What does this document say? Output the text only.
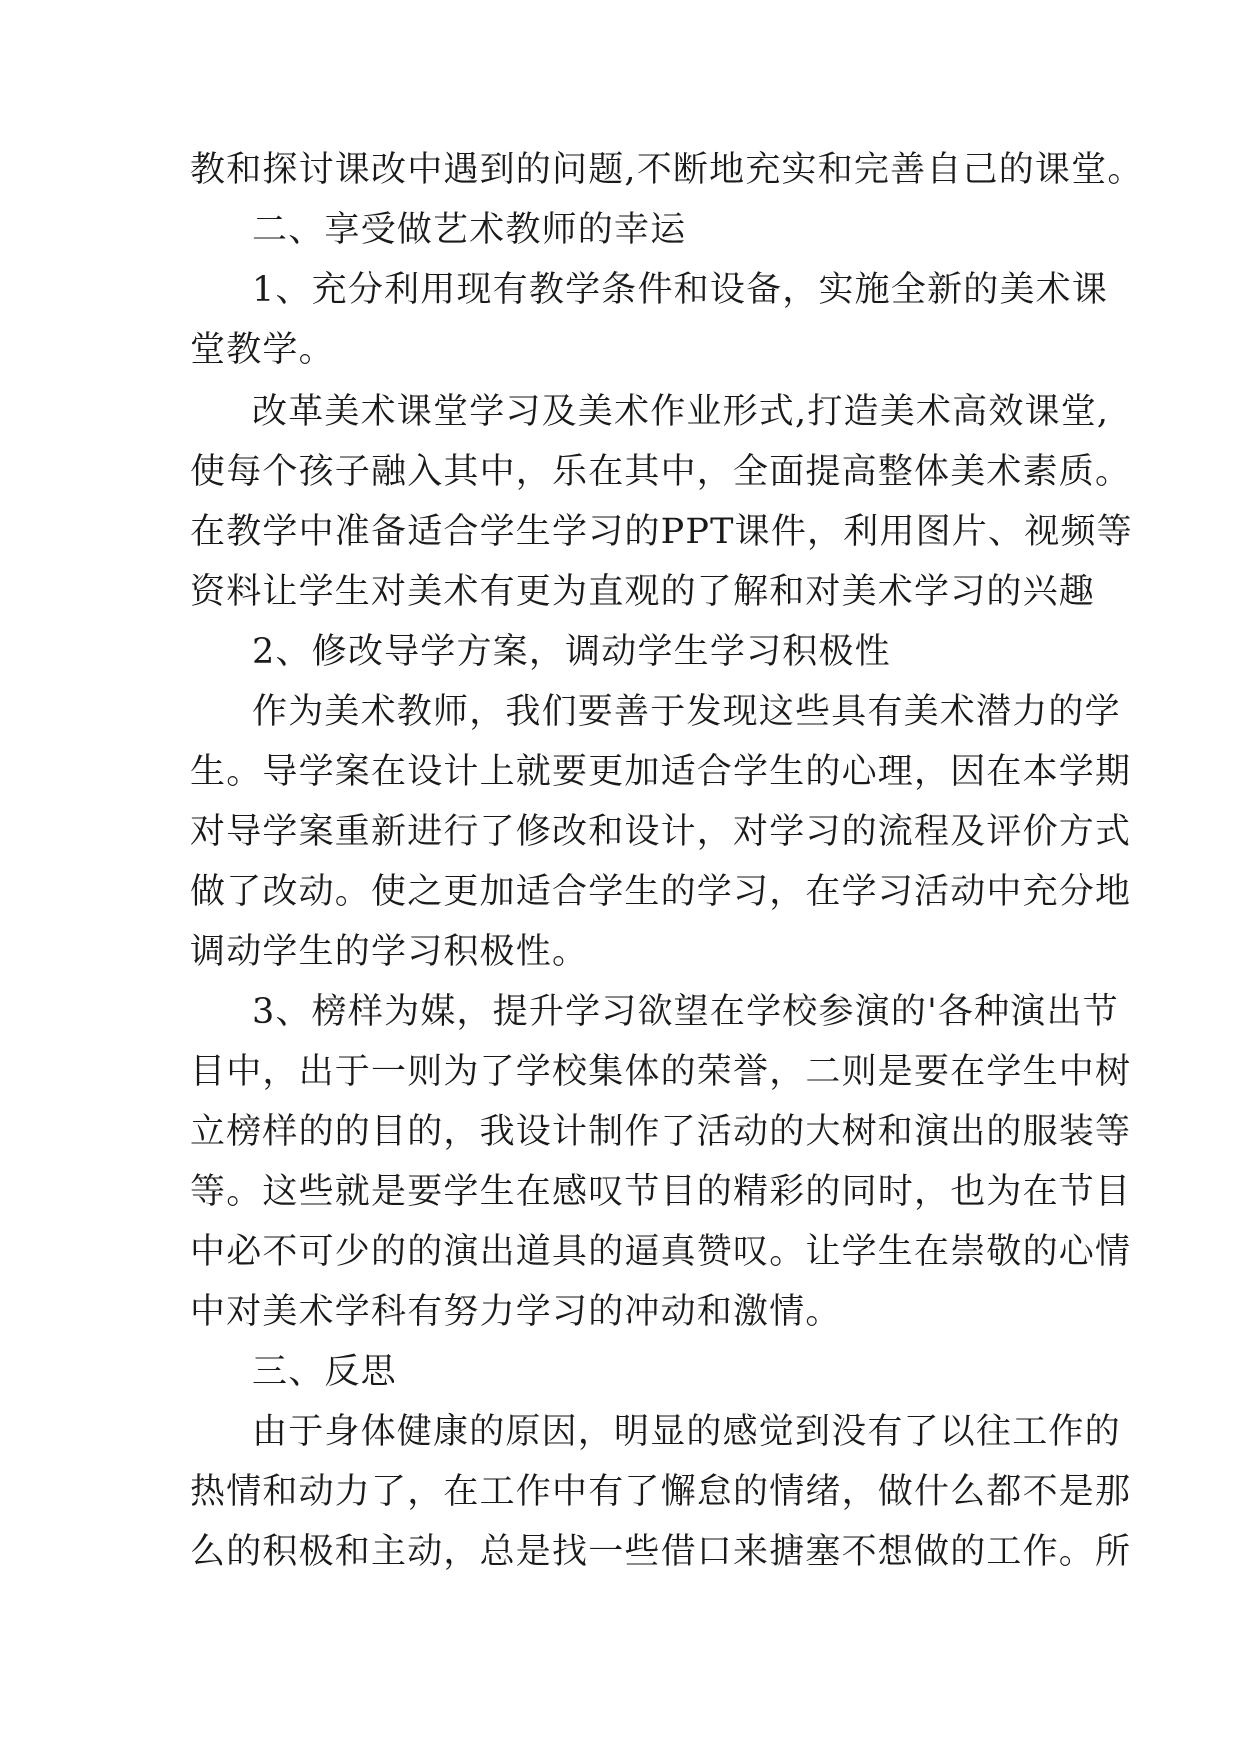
教和探讨课改中遇到的问题,不断地充实和完善自己的课堂。
二、享受做艺术教师的幸运
1、充分利用现有教学条件和设备，实施全新的美术课
堂教学。
改革美术课堂学习及美术作业形式,打造美术高效课堂,
使每个孩子融入其中，乐在其中，全面提高整体美术素质。
在教学中准备适合学生学习的PPT课件，利用图片、视频等
资料让学生对美术有更为直观的了解和对美术学习的兴趣
2、修改导学方案，调动学生学习积极性
作为美术教师，我们要善于发现这些具有美术潜力的学
生。导学案在设计上就要更加适合学生的心理，因在本学期
对导学案重新进行了修改和设计，对学习的流程及评价方式
做了改动。使之更加适合学生的学习，在学习活动中充分地
调动学生的学习积极性。
3、榜样为媒，提升学习欲望在学校参演的'各种演出节
目中，出于一则为了学校集体的荣誉，二则是要在学生中树
立榜样的的目的，我设计制作了活动的大树和演出的服装等
等。这些就是要学生在感叹节目的精彩的同时，也为在节目
中必不可少的的演出道具的逼真赞叹。让学生在崇敬的心情
中对美术学科有努力学习的冲动和激情。
三、反思
由于身体健康的原因，明显的感觉到没有了以往工作的
热情和动力了，在工作中有了懈怠的情绪，做什么都不是那
么的积极和主动，总是找一些借口来搪塞不想做的工作。所
